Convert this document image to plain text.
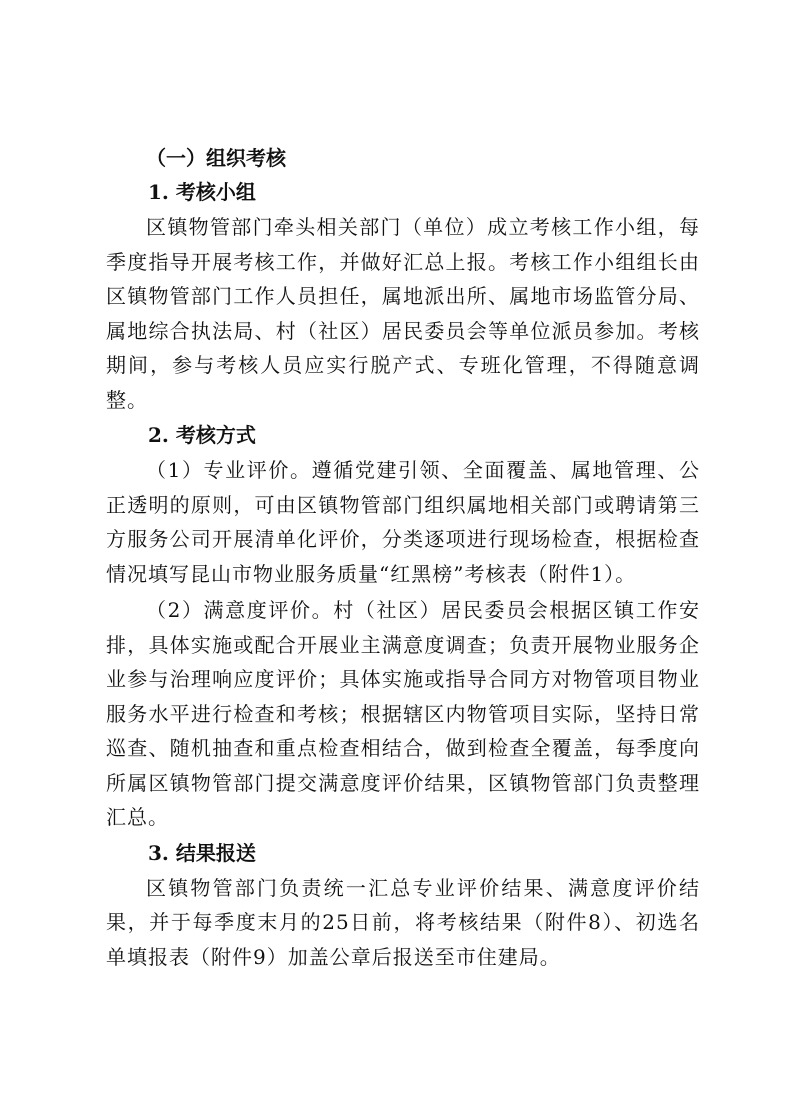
（一）组织考核
1. 考核小组

区镇物管部门牵头相关部门（单位）成立考核工作小组，每季度指导开展考核工作，并做好汇总上报。考核工作小组组长由区镇物管部门工作人员担任，属地派出所、属地市场监管分局、属地综合执法局、村（社区）居民委员会等单位派员参加。考核期间，参与考核人员应实行脱产式、专班化管理，不得随意调整。

2. 考核方式

（1）专业评价。遵循党建引领、全面覆盖、属地管理、公正透明的原则，可由区镇物管部门组织属地相关部门或聘请第三方服务公司开展清单化评价，分类逐项进行现场检查，根据检查情况填写昆山市物业服务质量“红黑榜”考核表（附件1）。

（2）满意度评价。村（社区）居民委员会根据区镇工作安排，具体实施或配合开展业主满意度调查；负责开展物业服务企业参与治理响应度评价；具体实施或指导合同方对物管项目物业服务水平进行检查和考核；根据辖区内物管项目实际，坚持日常巡查、随机抽查和重点检查相结合，做到检查全覆盖，每季度向所属区镇物管部门提交满意度评价结果，区镇物管部门负责整理汇总。

3. 结果报送

区镇物管部门负责统一汇总专业评价结果、满意度评价结果，并于每季度末月的25日前，将考核结果（附件8）、初选名单填报表（附件9）加盖公章后报送至市住建局。
